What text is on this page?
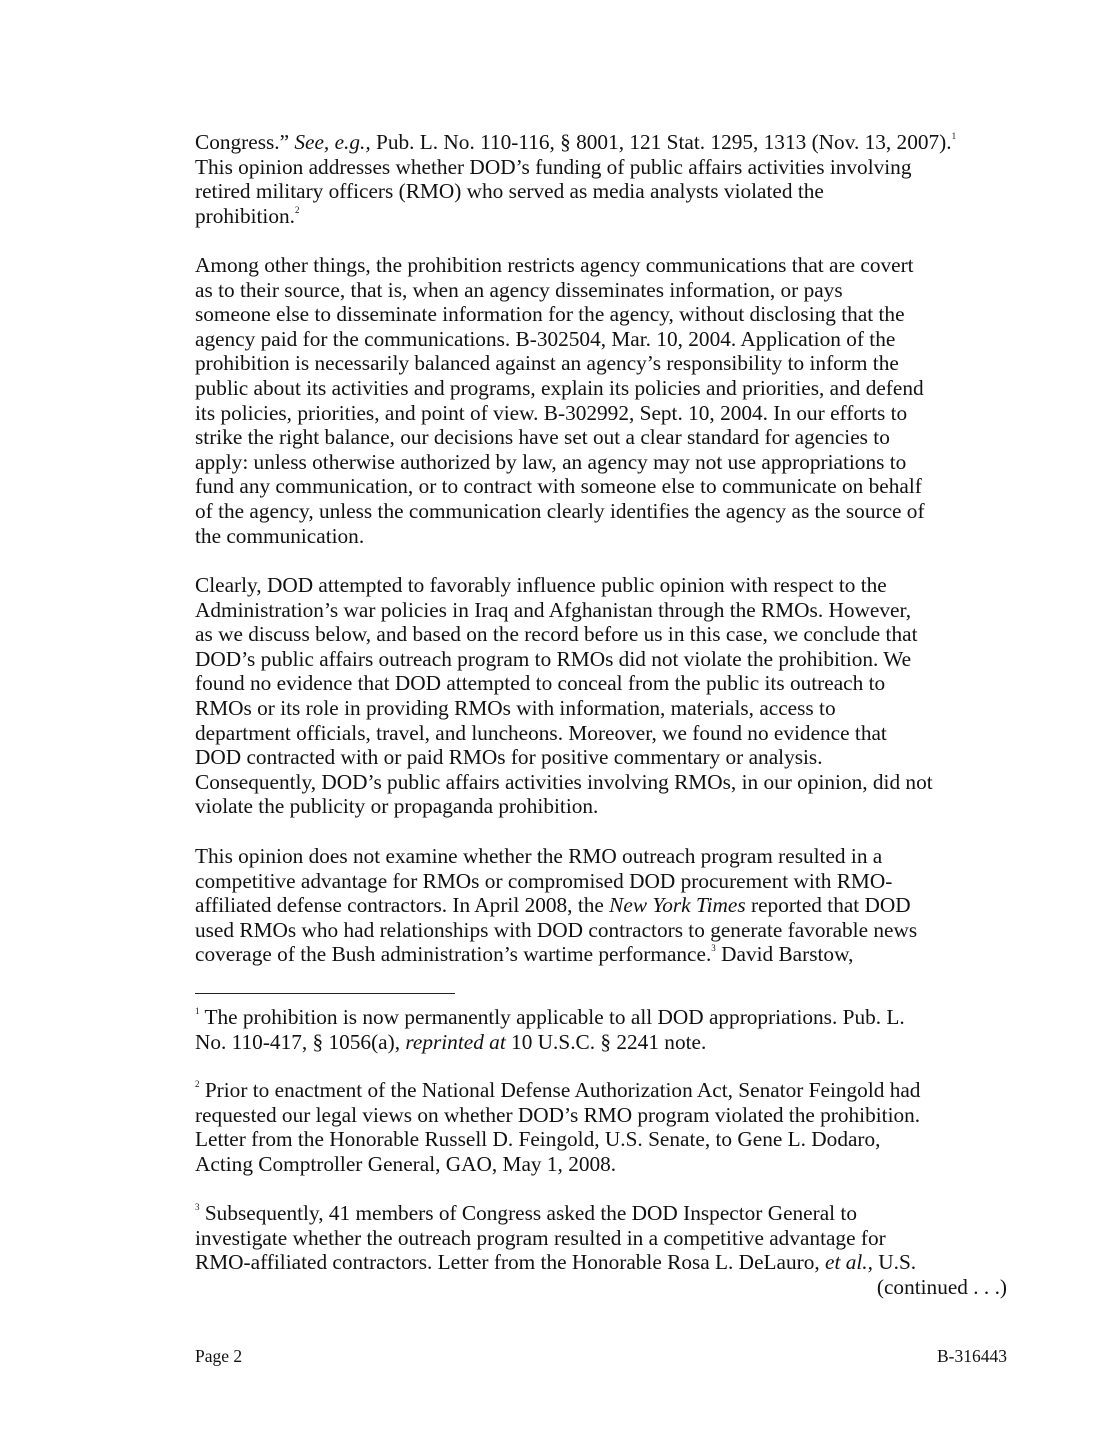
Congress.” See, e.g., Pub. L. No. 110-116, § 8001, 121 Stat. 1295, 1313 (Nov. 13, 2007).$^1$
This opinion addresses whether DOD’s funding of public affairs activities involving
retired military officers (RMO) who served as media analysts violated the
prohibition.$^2$
Among other things, the prohibition restricts agency communications that are covert
as to their source, that is, when an agency disseminates information, or pays
someone else to disseminate information for the agency, without disclosing that the
agency paid for the communications. B-302504, Mar. 10, 2004. Application of the
prohibition is necessarily balanced against an agency’s responsibility to inform the
public about its activities and programs, explain its policies and priorities, and defend
its policies, priorities, and point of view. B-302992, Sept. 10, 2004. In our efforts to
strike the right balance, our decisions have set out a clear standard for agencies to
apply: unless otherwise authorized by law, an agency may not use appropriations to
fund any communication, or to contract with someone else to communicate on behalf
of the agency, unless the communication clearly identifies the agency as the source of
the communication.
Clearly, DOD attempted to favorably influence public opinion with respect to the
Administration’s war policies in Iraq and Afghanistan through the RMOs. However,
as we discuss below, and based on the record before us in this case, we conclude that
DOD’s public affairs outreach program to RMOs did not violate the prohibition. We
found no evidence that DOD attempted to conceal from the public its outreach to
RMOs or its role in providing RMOs with information, materials, access to
department officials, travel, and luncheons. Moreover, we found no evidence that
DOD contracted with or paid RMOs for positive commentary or analysis.
Consequently, DOD’s public affairs activities involving RMOs, in our opinion, did not
violate the publicity or propaganda prohibition.
This opinion does not examine whether the RMO outreach program resulted in a
competitive advantage for RMOs or compromised DOD procurement with RMO-
affiliated defense contractors. In April 2008, the New York Times reported that DOD
used RMOs who had relationships with DOD contractors to generate favorable news
coverage of the Bush administration’s wartime performance.$^3$ David Barstow,
$^1$ The prohibition is now permanently applicable to all DOD appropriations. Pub. L.
No. 110-417, § 1056(a), reprinted at 10 U.S.C. § 2241 note.
$^2$ Prior to enactment of the National Defense Authorization Act, Senator Feingold had
requested our legal views on whether DOD’s RMO program violated the prohibition.
Letter from the Honorable Russell D. Feingold, U.S. Senate, to Gene L. Dodaro,
Acting Comptroller General, GAO, May 1, 2008.
$^3$ Subsequently, 41 members of Congress asked the DOD Inspector General to
investigate whether the outreach program resulted in a competitive advantage for
RMO-affiliated contractors. Letter from the Honorable Rosa L. DeLauro, et al., U.S.
(continued . . .)
Page 2	B-316443
